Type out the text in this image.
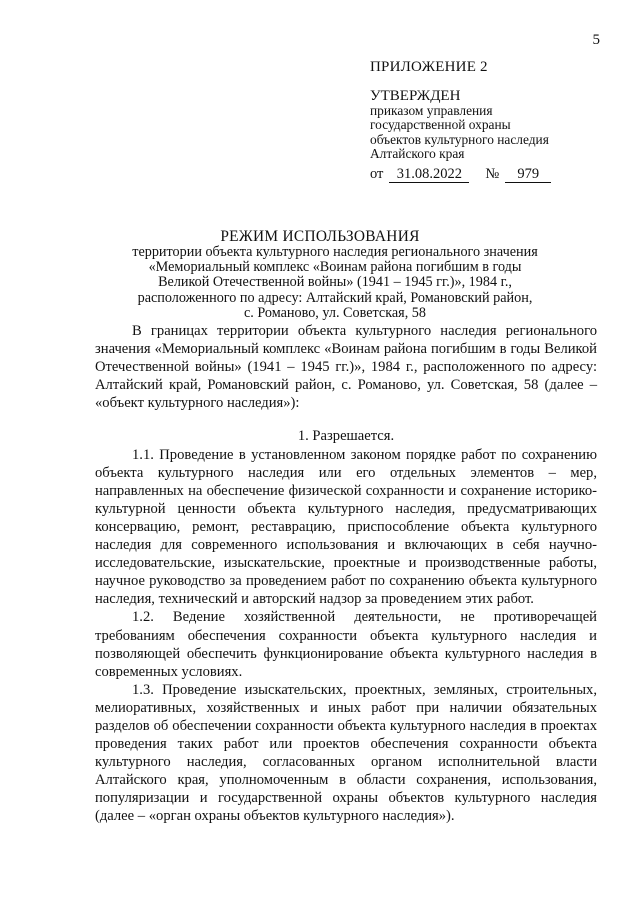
5
ПРИЛОЖЕНИЕ 2
УТВЕРЖДЕН
приказом управления
государственной охраны
объектов культурного наследия
Алтайского края
от 31.08.2022 № 979
РЕЖИМ ИСПОЛЬЗОВАНИЯ
территории объекта культурного наследия регионального значения
«Мемориальный комплекс «Воинам района погибшим в годы
Великой Отечественной войны» (1941 – 1945 гг.)», 1984 г.,
расположенного по адресу: Алтайский край, Романовский район,
с. Романово, ул. Советская, 58

В границах территории объекта культурного наследия регионального значения «Мемориальный комплекс «Воинам района погибшим в годы Великой Отечественной войны» (1941 – 1945 гг.)», 1984 г., расположенного по адресу: Алтайский край, Романовский район, с. Романово, ул. Советская, 58 (далее – «объект культурного наследия»):

1. Разрешается.

1.1. Проведение в установленном законом порядке работ по сохранению объекта культурного наследия или его отдельных элементов – мер, направленных на обеспечение физической сохранности и сохранение историко-культурной ценности объекта культурного наследия, предусматривающих консервацию, ремонт, реставрацию, приспособление объекта культурного наследия для современного использования и включающих в себя научно-исследовательские, изыскательские, проектные и производственные работы, научное руководство за проведением работ по сохранению объекта культурного наследия, технический и авторский надзор за проведением этих работ.

1.2. Ведение хозяйственной деятельности, не противоречащей требованиям обеспечения сохранности объекта культурного наследия и позволяющей обеспечить функционирование объекта культурного наследия в современных условиях.

1.3. Проведение изыскательских, проектных, земляных, строительных, мелиоративных, хозяйственных и иных работ при наличии обязательных разделов об обеспечении сохранности объекта культурного наследия в проектах проведения таких работ или проектов обеспечения сохранности объекта культурного наследия, согласованных органом исполнительной власти Алтайского края, уполномоченным в области сохранения, использования, популяризации и государственной охраны объектов культурного наследия (далее – «орган охраны объектов культурного наследия»).
